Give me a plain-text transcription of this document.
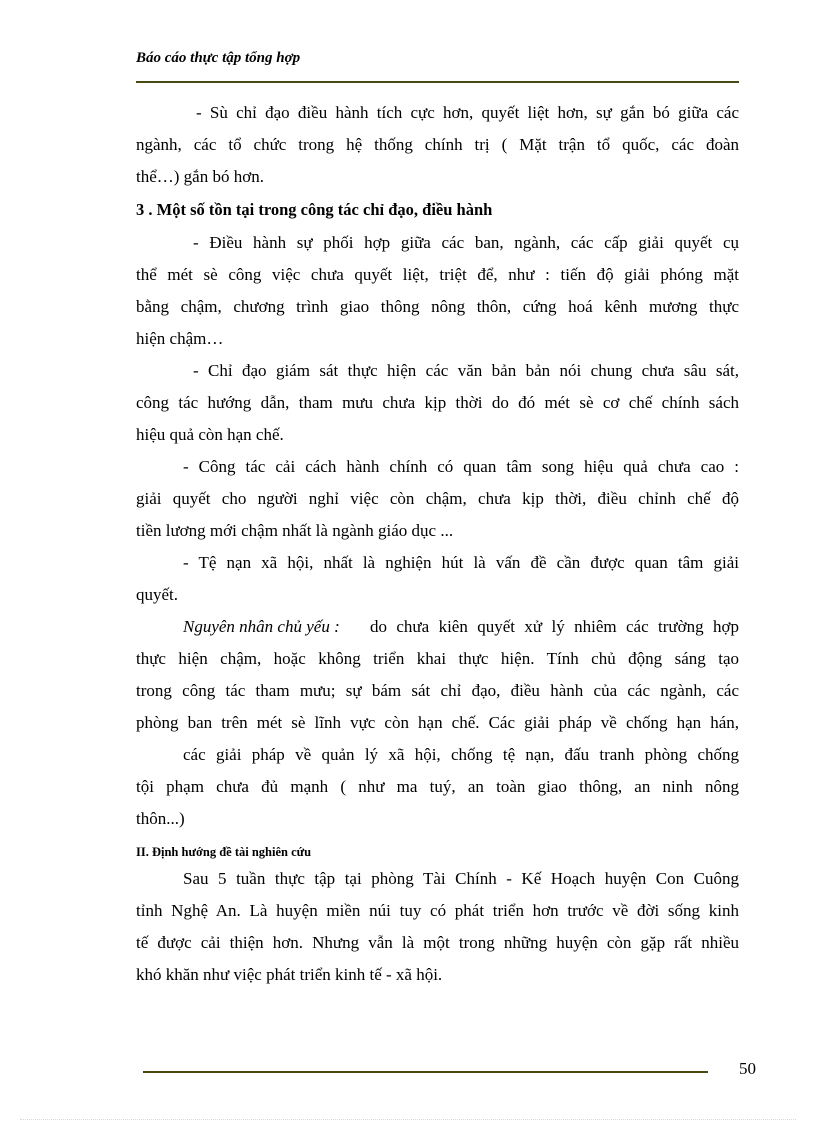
Báo cáo thực tập tổng hợp
- Sù chỉ đạo điều hành tích cực hơn, quyết liệt hơn, sự gắn bó giữa các
ngành, các tổ chức trong hệ thống chính trị ( Mặt trận tổ quốc, các đoàn
thể…) gắn bó hơn.
3 . Một số tồn tại trong công tác chỉ đạo, điều hành
- Điều hành sự phối hợp giữa các ban, ngành, các cấp giải quyết cụ
thể mét sè công việc chưa quyết liệt, triệt để, như : tiến độ giải phóng mặt
bằng chậm, chương trình giao thông nông thôn, cứng hoá kênh mương thực
hiện chậm…
- Chỉ đạo giám sát thực hiện các văn bản bản nói chung chưa sâu sát,
công tác hướng dẫn, tham mưu chưa kịp thời do đó mét sè cơ chế chính sách
hiệu quả còn hạn chế.
- Công tác cải cách hành chính có quan tâm song hiệu quả chưa cao :
giải quyết cho người nghỉ việc còn chậm, chưa kịp thời, điều chỉnh chế độ
tiền lương mới chậm nhất là ngành giáo dục ...
- Tệ nạn xã hội, nhất là nghiện hút là vấn đề cần được quan tâm giải
quyết.
Nguyên nhân chủ yếu : do chưa kiên quyết xử lý nhiêm các trường hợp
thực hiện chậm, hoặc không triển khai thực hiện. Tính chủ động sáng tạo
trong công tác tham mưu; sự bám sát chỉ đạo, điều hành của các ngành, các
phòng ban trên mét sè lĩnh vực còn hạn chế. Các giải pháp về chống hạn hán,
các giải pháp về quản lý xã hội, chống tệ nạn, đấu tranh phòng chống
tội phạm chưa đủ mạnh ( như ma tuý, an toàn giao thông, an ninh nông
thôn...)
II. Định hướng đề tài nghiên cứu
Sau 5 tuần thực tập tại phòng Tài Chính - Kế Hoạch huyện Con Cuông
tỉnh Nghệ An. Là huyện miền núi tuy có phát triển hơn trước về đời sống kinh
tế được cải thiện hơn. Nhưng vẫn là một trong những huyện còn gặp rất nhiều
khó khăn như việc phát triển kinh tế - xã hội.
50
